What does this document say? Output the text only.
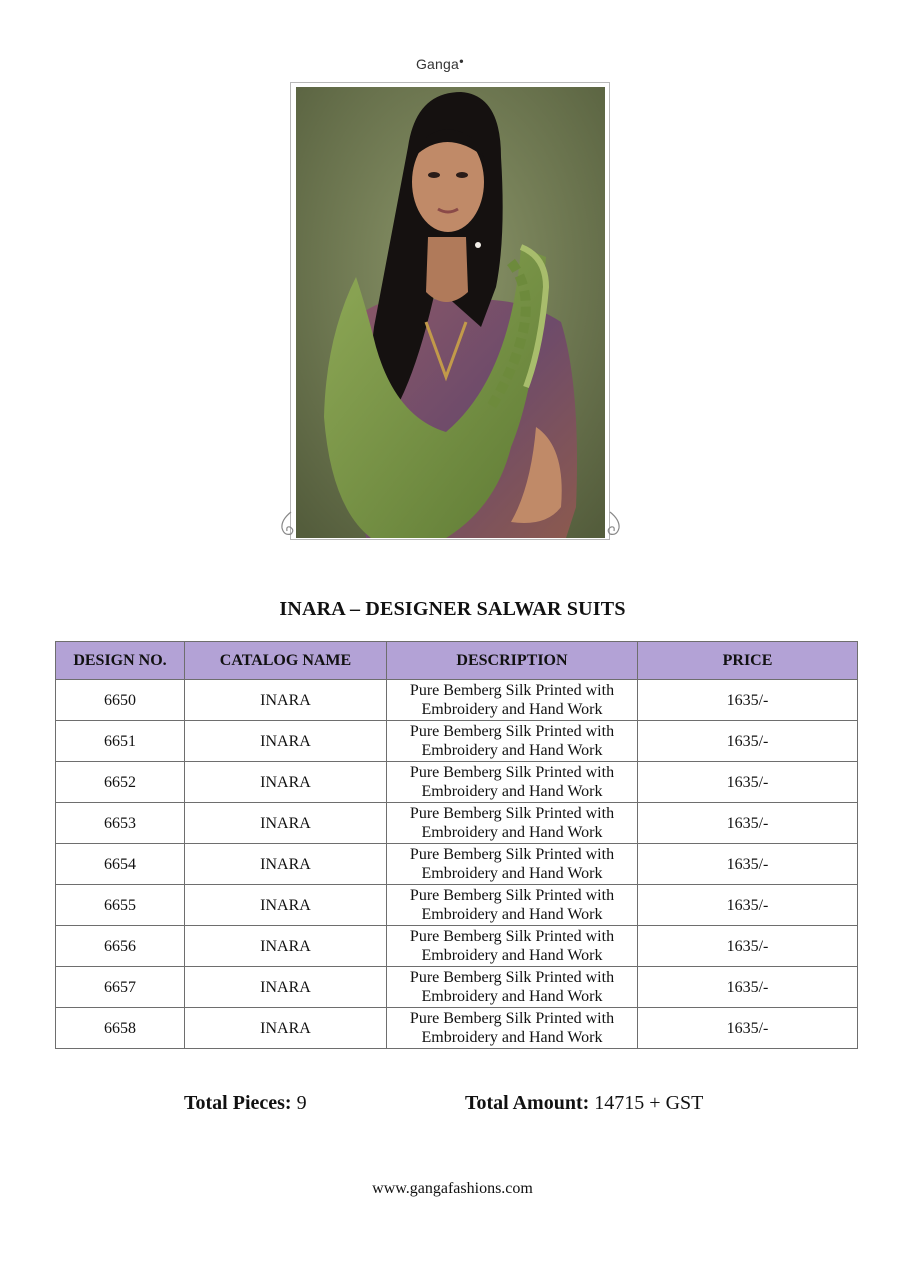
Ganga●
INARA – DESIGNER SALWAR SUITS
DESIGN NO.	CATALOG NAME	DESCRIPTION	PRICE
6650	INARA	Pure Bemberg Silk Printed with
Embroidery and Hand Work	1635/-
6651	INARA	Pure Bemberg Silk Printed with
Embroidery and Hand Work	1635/-
6652	INARA	Pure Bemberg Silk Printed with
Embroidery and Hand Work	1635/-
6653	INARA	Pure Bemberg Silk Printed with
Embroidery and Hand Work	1635/-
6654	INARA	Pure Bemberg Silk Printed with
Embroidery and Hand Work	1635/-
6655	INARA	Pure Bemberg Silk Printed with
Embroidery and Hand Work	1635/-
6656	INARA	Pure Bemberg Silk Printed with
Embroidery and Hand Work	1635/-
6657	INARA	Pure Bemberg Silk Printed with
Embroidery and Hand Work	1635/-
6658	INARA	Pure Bemberg Silk Printed with
Embroidery and Hand Work	1635/-
Total Pieces: 9	Total Amount: 14715 + GST
www.gangafashions.com
